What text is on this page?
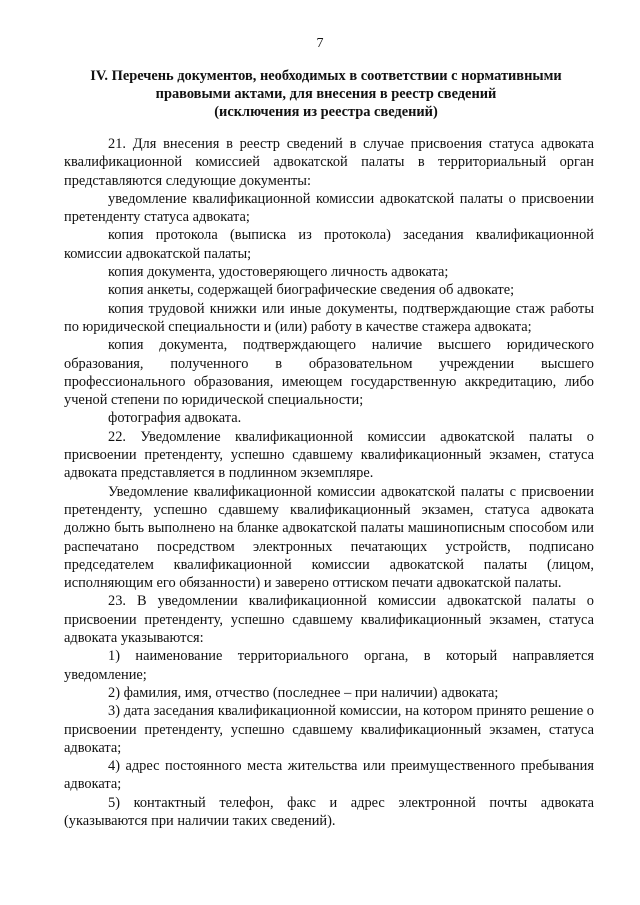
7
IV. Перечень документов, необходимых в соответствии с нормативными
правовыми актами, для внесения в реестр сведений
(исключения из реестра сведений)

21. Для внесения в реестр сведений в случае присвоения статуса адвоката квалификационной комиссией адвокатской палаты в территориальный орган представляются следующие документы:

уведомление квалификационной комиссии адвокатской палаты о присвоении претенденту статуса адвоката;

копия протокола (выписка из протокола) заседания квалификационной комиссии адвокатской палаты;

копия документа, удостоверяющего личность адвоката;

копия анкеты, содержащей биографические сведения об адвокате;

копия трудовой книжки или иные документы, подтверждающие стаж работы по юридической специальности и (или) работу в качестве стажера адвоката;

копия документа, подтверждающего наличие высшего юридического образования, полученного в образовательном учреждении высшего профессионального образования, имеющем государственную аккредитацию, либо ученой степени по юридической специальности;

фотография адвоката.

22. Уведомление квалификационной комиссии адвокатской палаты о присвоении претенденту, успешно сдавшему квалификационный экзамен, статуса адвоката представляется в подлинном экземпляре.

Уведомление квалификационной комиссии адвокатской палаты с присвоении претенденту, успешно сдавшему квалификационный экзамен, статуса адвоката должно быть выполнено на бланке адвокатской палаты машинописным способом или распечатано посредством электронных печатающих устройств, подписано председателем квалификационной комиссии адвокатской палаты (лицом, исполняющим его обязанности) и заверено оттиском печати адвокатской палаты.

23. В уведомлении квалификационной комиссии адвокатской палаты о присвоении претенденту, успешно сдавшему квалификационный экзамен, статуса адвоката указываются:

1) наименование территориального органа, в который направляется уведомление;

2) фамилия, имя, отчество (последнее – при наличии) адвоката;

3) дата заседания квалификационной комиссии, на котором принято решение о присвоении претенденту, успешно сдавшему квалификационный экзамен, статуса адвоката;

4) адрес постоянного места жительства или преимущественного пребывания адвоката;

5) контактный телефон, факс и адрес электронной почты адвоката (указываются при наличии таких сведений).
